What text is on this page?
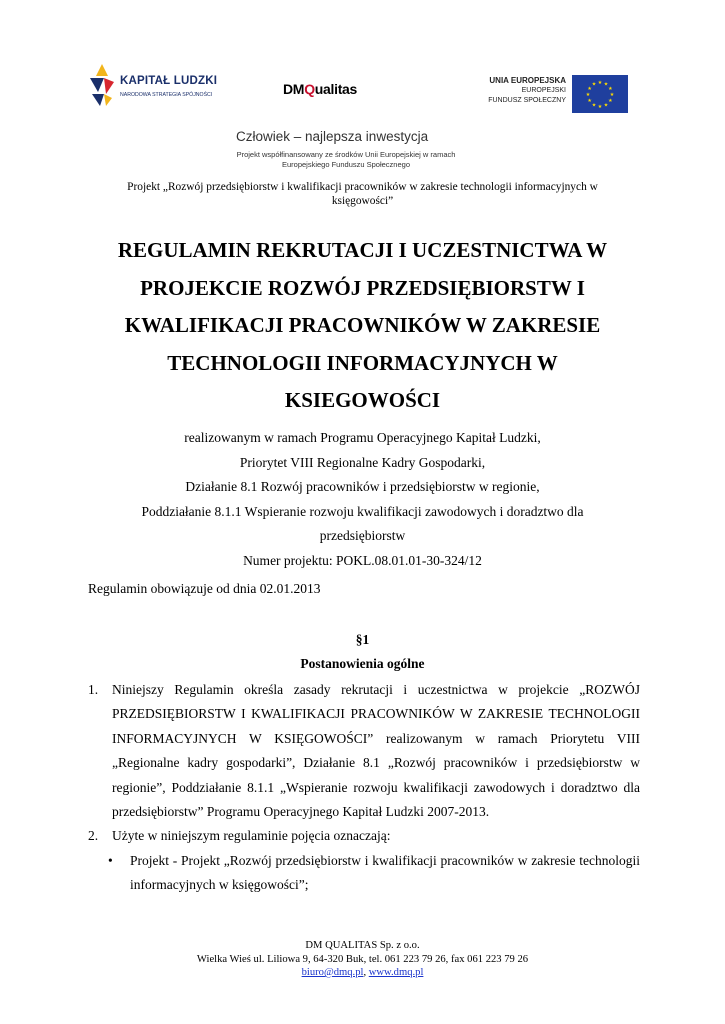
KAPITAŁ LUDZKI
NARODOWA STRATEGIA SPÓJNOŚCI	DMQualitas
UNIA EUROPEJSKA
EUROPEJSKI
FUNDUSZ SPOŁECZNY
★ ★
★
★
★
★
★
★
★
★
★
★
Człowiek – najlepsza inwestycja
Projekt współfinansowany ze środków Unii Europejskiej w ramach Europejskiego Funduszu Społecznego
Projekt „Rozwój przedsiębiorstw i kwalifikacji pracowników w zakresie technologii informacyjnych w księgowości”
REGULAMIN REKRUTACJI I UCZESTNICTWA W
PROJEKCIE ROZWÓJ PRZEDSIĘBIORSTW I
KWALIFIKACJI PRACOWNIKÓW W ZAKRESIE
TECHNOLOGII INFORMACYJNYCH W
KSIEGOWOŚCI
realizowanym w ramach Programu Operacyjnego Kapitał Ludzki,
Priorytet VIII Regionalne Kadry Gospodarki,
Działanie 8.1 Rozwój pracowników i przedsiębiorstw w regionie,
Poddziałanie 8.1.1 Wspieranie rozwoju kwalifikacji zawodowych i doradztwo dla
przedsiębiorstw
Numer projektu: POKL.08.01.01-30-324/12
Regulamin obowiązuje od dnia 02.01.2013
§1
Postanowienia ogólne
1. Niniejszy Regulamin określa zasady rekrutacji i uczestnictwa w projekcie „ROZWÓJ PRZEDSIĘBIORSTW I KWALIFIKACJI PRACOWNIKÓW W ZAKRESIE TECHNOLOGII INFORMACYJNYCH W KSIĘGOWOŚCI” realizowanym w ramach Priorytetu VIII „Regionalne kadry gospodarki”, Działanie 8.1 „Rozwój pracowników i przedsiębiorstw w regionie”, Poddziałanie 8.1.1 „Wspieranie rozwoju kwalifikacji zawodowych i doradztwo dla przedsiębiorstw” Programu Operacyjnego Kapitał Ludzki 2007-2013.
2. Użyte w niniejszym regulaminie pojęcia oznaczają:
• Projekt - Projekt „Rozwój przedsiębiorstw i kwalifikacji pracowników w zakresie technologii informacyjnych w księgowości”;
DM QUALITAS Sp. z o.o.
Wielka Wieś ul. Liliowa 9, 64-320 Buk, tel. 061 223 79 26, fax 061 223 79 26
biuro@dmq.pl, www.dmq.pl
